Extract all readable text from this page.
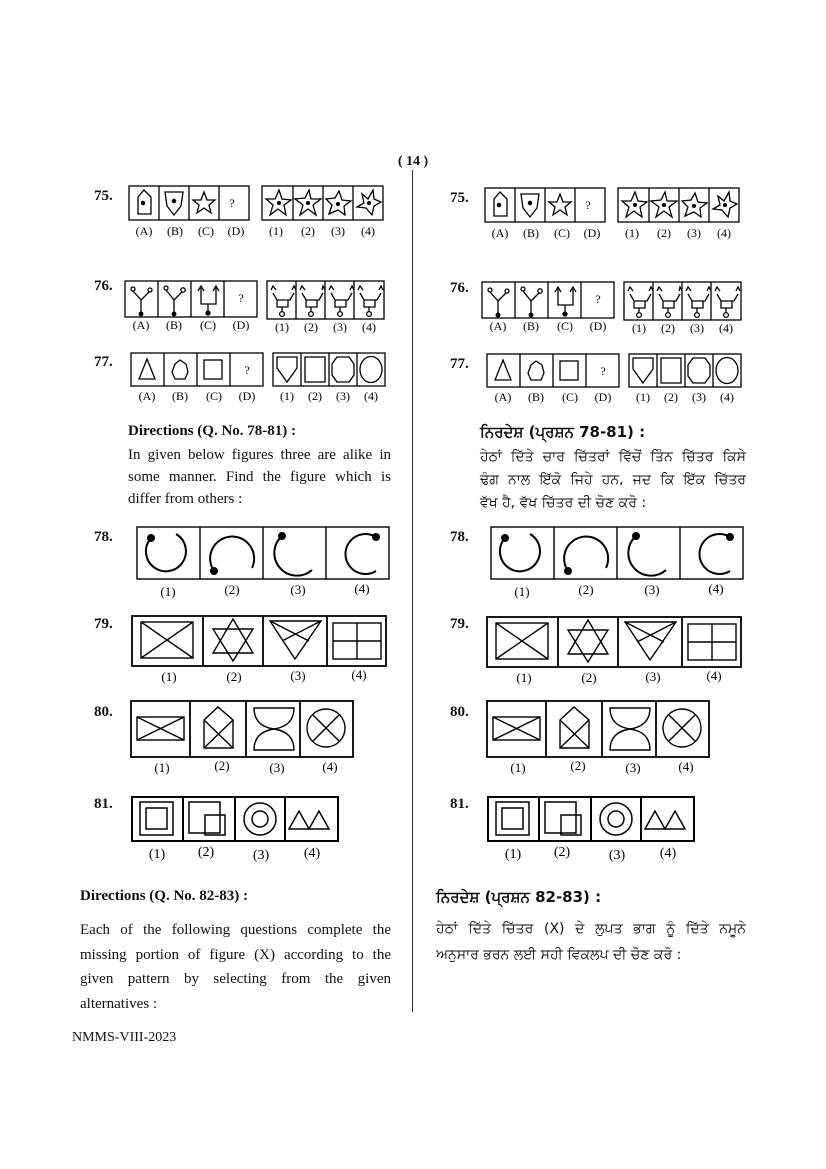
( 14 )
75.	?
(A) (B) (C) (D) (1) (2) (3) (4)
76.
?
(A) (B) (C) (D) (1) (2) (3) (4)
77.	?
(A) (B) (C) (D) (1) (2) (3) (4)
Directions (Q. No. 78-81) :
In given below figures three are alike in
some manner. Find the figure which is
differ from others :
78.
(1)	(2)	(3)	(4)
79.
(1)	(2)	(3)	(4)
80.
(1)	(2)	(3)	(4)
81.
(1) (2)	(3) (4)
Directions (Q. No. 82-83) :
Each of the following questions complete the
missing portion of figure (X) according to the
given pattern by selecting from the given
alternatives :
NMMS-VIII-2023
75.	?
(A) (B) (C) (D) (1) (2) (3) (4)
76.
?
(A) (B) (C) (D) (1) (2) (3) (4)
77.	?
(A) (B) (C) (D) (1) (2) (3) (4)
ਨਿਰਦੇਸ਼ (ਪ੍ਰਸ਼ਨ 78-81) :
ਹੇਠਾਂ ਦਿੱਤੇ ਚਾਰ ਚਿੱਤਰਾਂ ਵਿੱਚੋਂ ਤਿੰਨ ਚਿੱਤਰ ਕਿਸੇ
ਢੰਗ ਨਾਲ ਇੱਕੋ ਜਿਹੇ ਹਨ, ਜਦ ਕਿ ਇੱਕ ਚਿੱਤਰ
ਵੱਖ ਹੈ, ਵੱਖ ਚਿੱਤਰ ਦੀ ਚੋਣ ਕਰੋ :
78.
(1)	(2)	(3)	(4)
79.
(1)	(2)	(3)	(4)
80.
(1)	(2)	(3)	(4)
81.
(1) (2)	(3) (4)
ਨਿਰਦੇਸ਼ (ਪ੍ਰਸ਼ਨ 82-83) :
ਹੇਠਾਂ ਦਿੱਤੇ ਚਿੱਤਰ (X) ਦੇ ਲੁਪਤ ਭਾਗ ਨੂੰ ਦਿੱਤੇ ਨਮੂਨੇ
ਅਨੁਸਾਰ ਭਰਨ ਲਈ ਸਹੀ ਵਿਕਲਪ ਦੀ ਚੋਣ ਕਰੋ :
